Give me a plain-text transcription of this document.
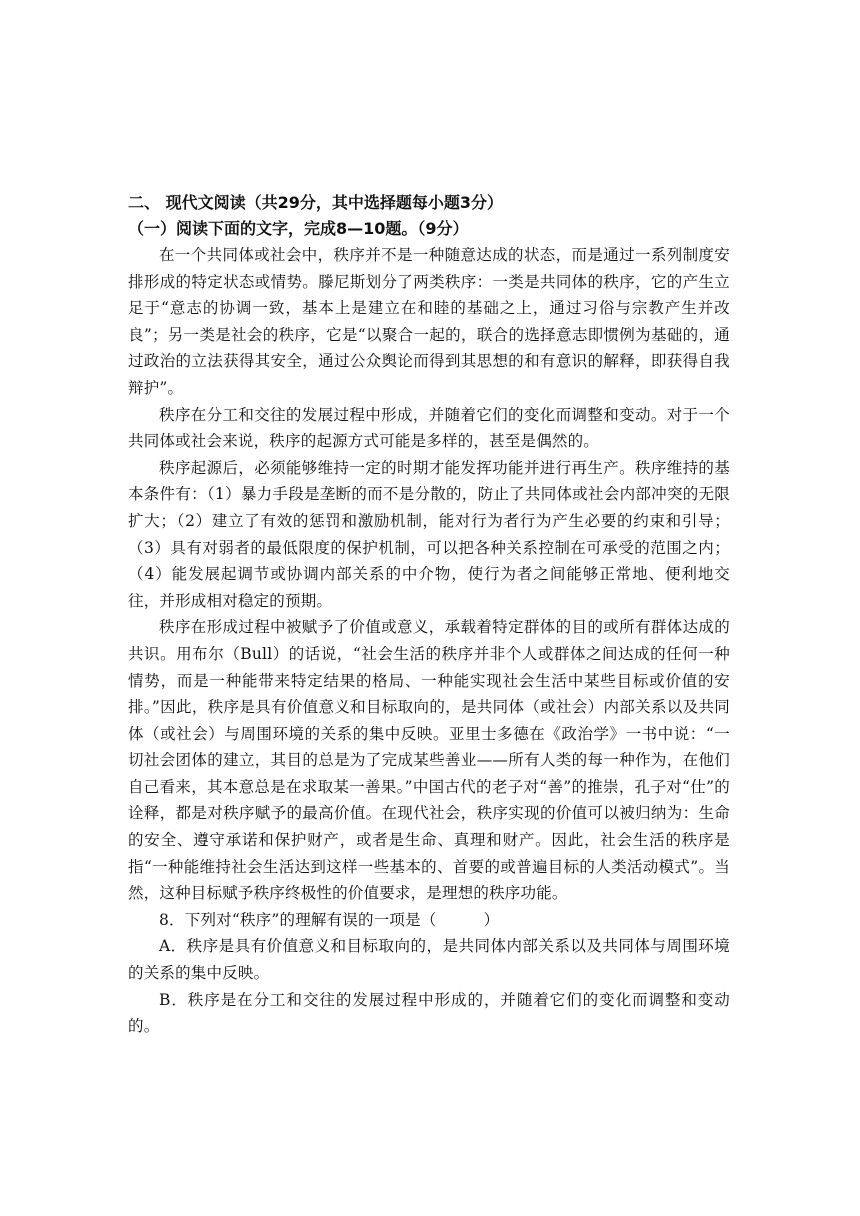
二、 现代文阅读（共29分，其中选择题每小题3分）

（一）阅读下面的文字，完成8—10题。（9分）

在一个共同体或社会中，秩序并不是一种随意达成的状态，而是通过一系列制度安排形成的特定状态或情势。滕尼斯划分了两类秩序：一类是共同体的秩序，它的产生立足于“意志的协调一致，基本上是建立在和睦的基础之上，通过习俗与宗教产生并改良”；另一类是社会的秩序，它是“以聚合一起的，联合的选择意志即惯例为基础的，通过政治的立法获得其安全，通过公众舆论而得到其思想的和有意识的解释，即获得自我辩护”。

秩序在分工和交往的发展过程中形成，并随着它们的变化而调整和变动。对于一个共同体或社会来说，秩序的起源方式可能是多样的，甚至是偶然的。

秩序起源后，必须能够维持一定的时期才能发挥功能并进行再生产。秩序维持的基本条件有：（1）暴力手段是垄断的而不是分散的，防止了共同体或社会内部冲突的无限扩大；（2）建立了有效的惩罚和激励机制，能对行为者行为产生必要的约束和引导；（3）具有对弱者的最低限度的保护机制，可以把各种关系控制在可承受的范围之内；（4）能发展起调节或协调内部关系的中介物，使行为者之间能够正常地、便利地交往，并形成相对稳定的预期。

秩序在形成过程中被赋予了价值或意义，承载着特定群体的目的或所有群体达成的共识。用布尔（Bull）的话说，“社会生活的秩序并非个人或群体之间达成的任何一种情势，而是一种能带来特定结果的格局、一种能实现社会生活中某些目标或价值的安排。”因此，秩序是具有价值意义和目标取向的，是共同体（或社会）内部关系以及共同体（或社会）与周围环境的关系的集中反映。亚里士多德在《政治学》一书中说：“一切社会团体的建立，其目的总是为了完成某些善业——所有人类的每一种作为，在他们自己看来，其本意总是在求取某一善果。”中国古代的老子对“善”的推崇，孔子对“仕”的诠释，都是对秩序赋予的最高价值。在现代社会，秩序实现的价值可以被归纳为：生命的安全、遵守承诺和保护财产，或者是生命、真理和财产。因此，社会生活的秩序是指“一种能维持社会生活达到这样一些基本的、首要的或普遍目标的人类活动模式”。当然，这种目标赋予秩序终极性的价值要求，是理想的秩序功能。

8．下列对“秩序”的理解有误的一项是（　　　）

A．秩序是具有价值意义和目标取向的，是共同体内部关系以及共同体与周围环境的关系的集中反映。

B．秩序是在分工和交往的发展过程中形成的，并随着它们的变化而调整和变动的。
